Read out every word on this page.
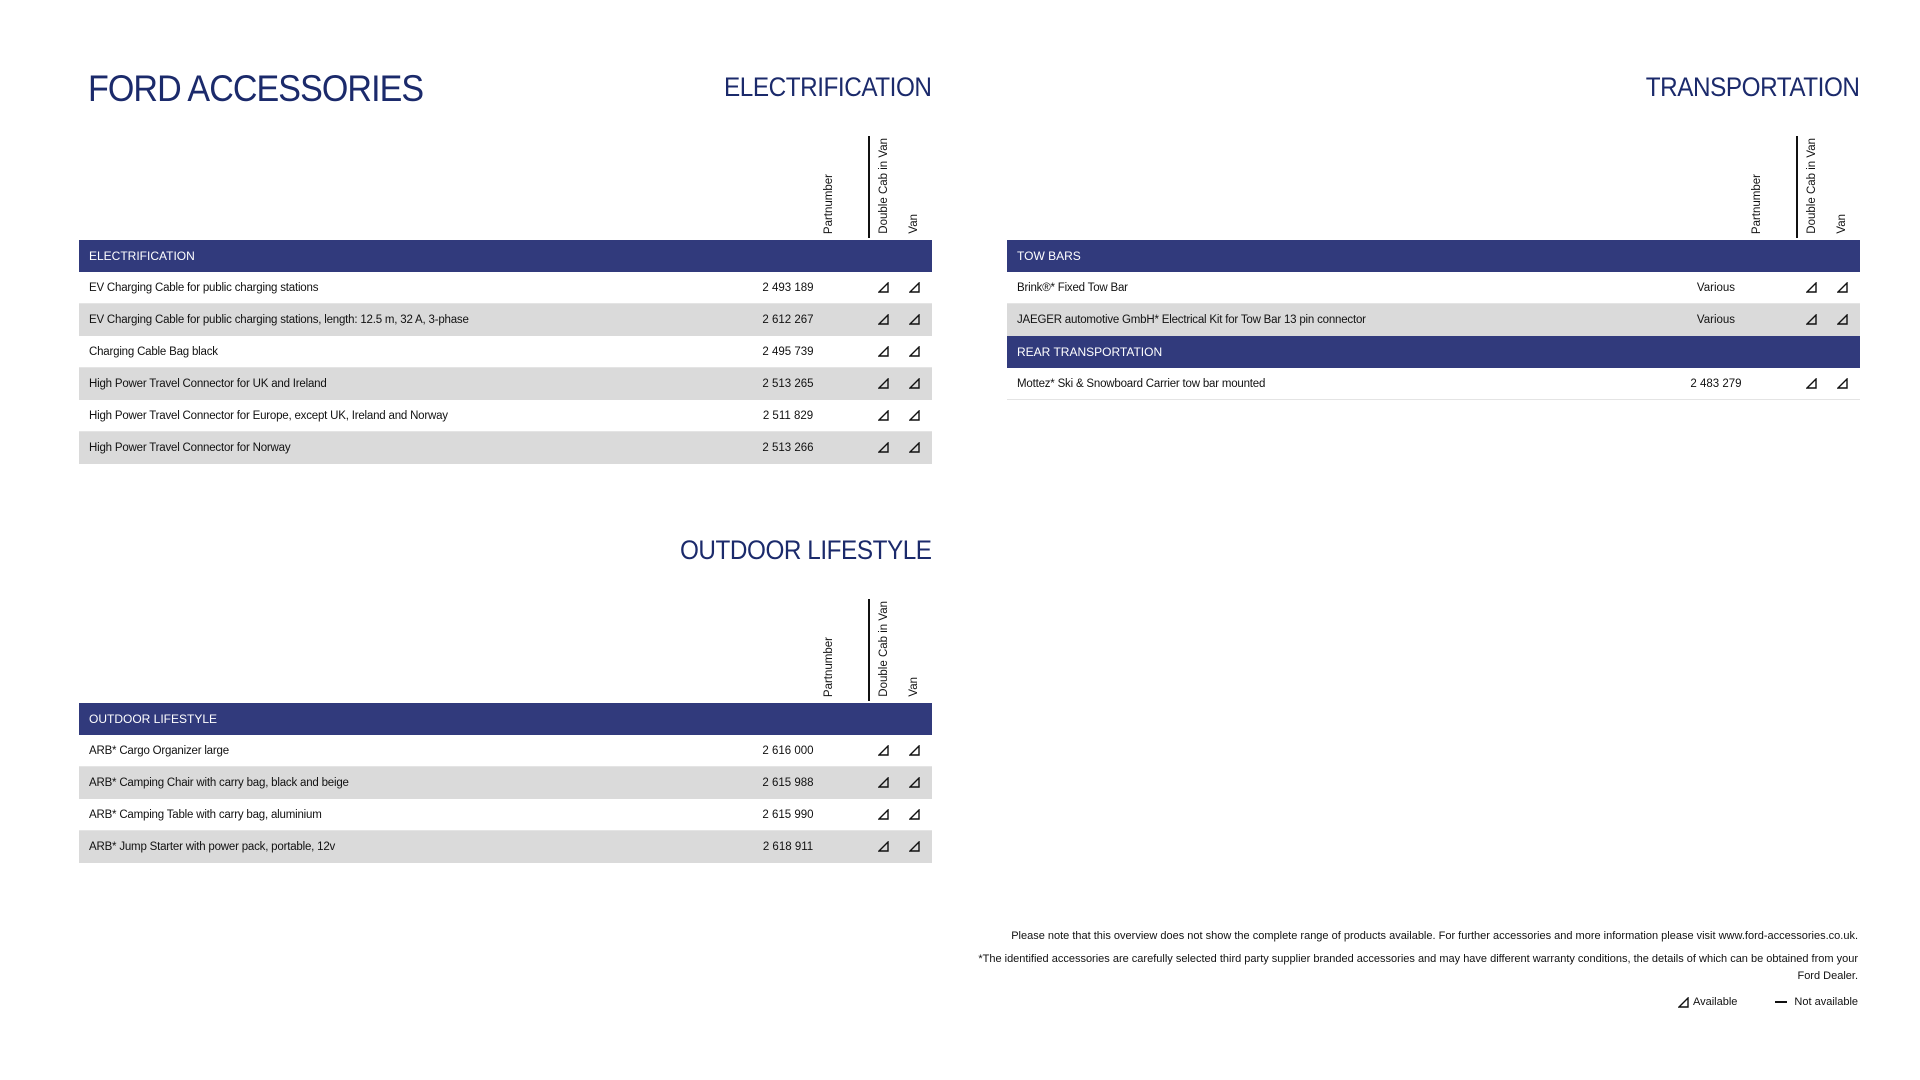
FORD ACCESSORIES	ELECTRIFICATION
Partnumber	Double Cab in Van Van
ELECTRIFICATION
EV Charging Cable for public charging stations	2 493 189
EV Charging Cable for public charging stations, length: 12.5 m, 32 A, 3-phase	2 612 267
Charging Cable Bag black	2 495 739
High Power Travel Connector for UK and Ireland	2 513 265
High Power Travel Connector for Europe, except UK, Ireland and Norway	2 511 829
High Power Travel Connector for Norway	2 513 266
OUTDOOR LIFESTYLE
Partnumber	Double Cab in Van Van
OUTDOOR LIFESTYLE
ARB* Cargo Organizer large	2 616 000
ARB* Camping Chair with carry bag, black and beige	2 615 988
ARB* Camping Table with carry bag, aluminium	2 615 990
ARB* Jump Starter with power pack, portable, 12v	2 618 911
TRANSPORTATION
Partnumber	Double Cab in Van Van
TOW BARS
Brink®* Fixed Tow Bar	Various
JAEGER automotive GmbH* Electrical Kit for Tow Bar 13 pin connector	Various
REAR TRANSPORTATION
Mottez* Ski & Snowboard Carrier tow bar mounted	2 483 279

Please note that this overview does not show the complete range of products available. For further accessories and more information please visit www.ford-accessories.co.uk.

*The identified accessories are carefully selected third party supplier branded accessories and may have different warranty conditions, the details of which can be obtained from your Ford Dealer.

Available	Not available
